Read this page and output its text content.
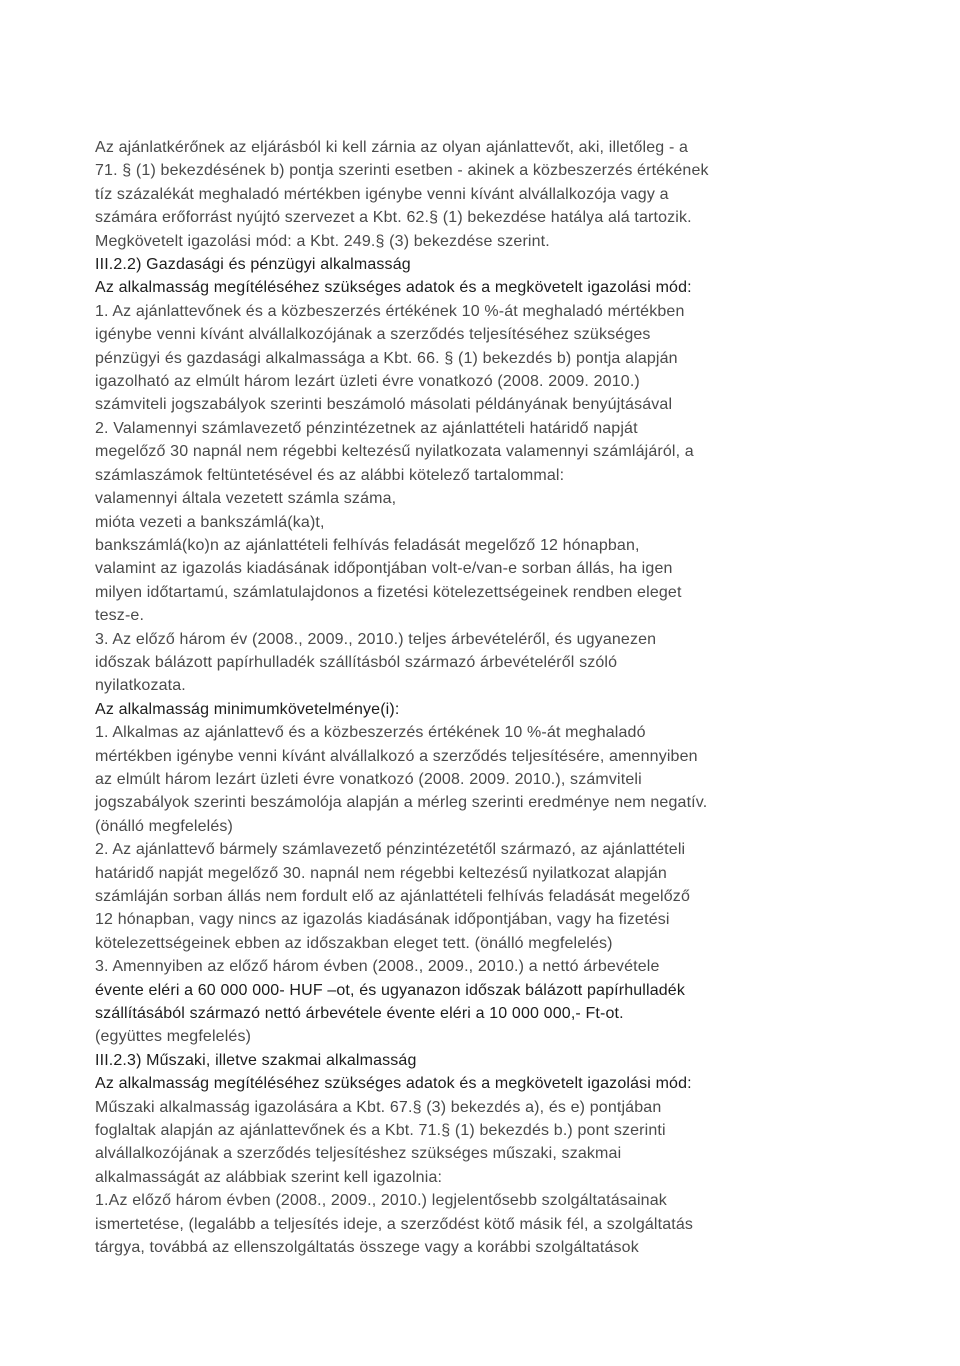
Az ajánlatkérőnek az eljárásból ki kell zárnia az olyan ajánlattevőt, aki, illetőleg - a
71. § (1) bekezdésének b) pontja szerinti esetben - akinek a közbeszerzés értékének
tíz százalékát meghaladó mértékben igénybe venni kívánt alvállalkozója vagy a
számára erőforrást nyújtó szervezet a Kbt. 62.§ (1) bekezdése hatálya alá tartozik.
Megkövetelt igazolási mód: a Kbt. 249.§ (3) bekezdése szerint.
III.2.2) Gazdasági és pénzügyi alkalmasság
Az alkalmasság megítéléséhez szükséges adatok és a megkövetelt igazolási mód:
1. Az ajánlattevőnek és a közbeszerzés értékének 10 %-át meghaladó mértékben
igénybe venni kívánt alvállalkozójának a szerződés teljesítéséhez szükséges
pénzügyi és gazdasági alkalmassága a Kbt. 66. § (1) bekezdés b) pontja alapján
igazolható az elmúlt három lezárt üzleti évre vonatkozó (2008. 2009. 2010.)
számviteli jogszabályok szerinti beszámoló másolati példányának benyújtásával
2. Valamennyi számlavezető pénzintézetnek az ajánlattételi határidő napját
megelőző 30 napnál nem régebbi keltezésű nyilatkozata valamennyi számlájáról, a
számlaszámok feltüntetésével és az alábbi kötelező tartalommal:
valamennyi általa vezetett számla száma,
mióta vezeti a bankszámlá(ka)t,
bankszámlá(ko)n az ajánlattételi felhívás feladását megelőző 12 hónapban,
valamint az igazolás kiadásának időpontjában volt-e/van-e sorban állás, ha igen
milyen időtartamú, számlatulajdonos a fizetési kötelezettségeinek rendben eleget
tesz-e.
3. Az előző három év (2008., 2009., 2010.) teljes árbevételéről, és ugyanezen
időszak bálázott papírhulladék szállításból származó árbevételéről szóló
nyilatkozata.
Az alkalmasság minimumkövetelménye(i):
1. Alkalmas az ajánlattevő és a közbeszerzés értékének 10 %-át meghaladó
mértékben igénybe venni kívánt alvállalkozó a szerződés teljesítésére, amennyiben
az elmúlt három lezárt üzleti évre vonatkozó (2008. 2009. 2010.), számviteli
jogszabályok szerinti beszámolója alapján a mérleg szerinti eredménye nem negatív.
(önálló megfelelés)
2. Az ajánlattevő bármely számlavezető pénzintézetétől származó, az ajánlattételi
határidő napját megelőző 30. napnál nem régebbi keltezésű nyilatkozat alapján
számláján sorban állás nem fordult elő az ajánlattételi felhívás feladását megelőző
12 hónapban, vagy nincs az igazolás kiadásának időpontjában, vagy ha fizetési
kötelezettségeinek ebben az időszakban eleget tett. (önálló megfelelés)
3. Amennyiben az előző három évben (2008., 2009., 2010.) a nettó árbevétele
évente eléri a 60 000 000- HUF –ot, és ugyanazon időszak bálázott papírhulladék
szállításából származó nettó árbevétele évente eléri a 10 000 000,- Ft-ot.
(együttes megfelelés)
III.2.3) Műszaki, illetve szakmai alkalmasság
Az alkalmasság megítéléséhez szükséges adatok és a megkövetelt igazolási mód:
Műszaki alkalmasság igazolására a Kbt. 67.§ (3) bekezdés a), és e) pontjában
foglaltak alapján az ajánlattevőnek és a Kbt. 71.§ (1) bekezdés b.) pont szerinti
alvállalkozójának a szerződés teljesítéshez szükséges műszaki, szakmai
alkalmasságát az alábbiak szerint kell igazolnia:
1.Az előző három évben (2008., 2009., 2010.) legjelentősebb szolgáltatásainak
ismertetése, (legalább a teljesítés ideje, a szerződést kötő másik fél, a szolgáltatás
tárgya, továbbá az ellenszolgáltatás összege vagy a korábbi szolgáltatások
